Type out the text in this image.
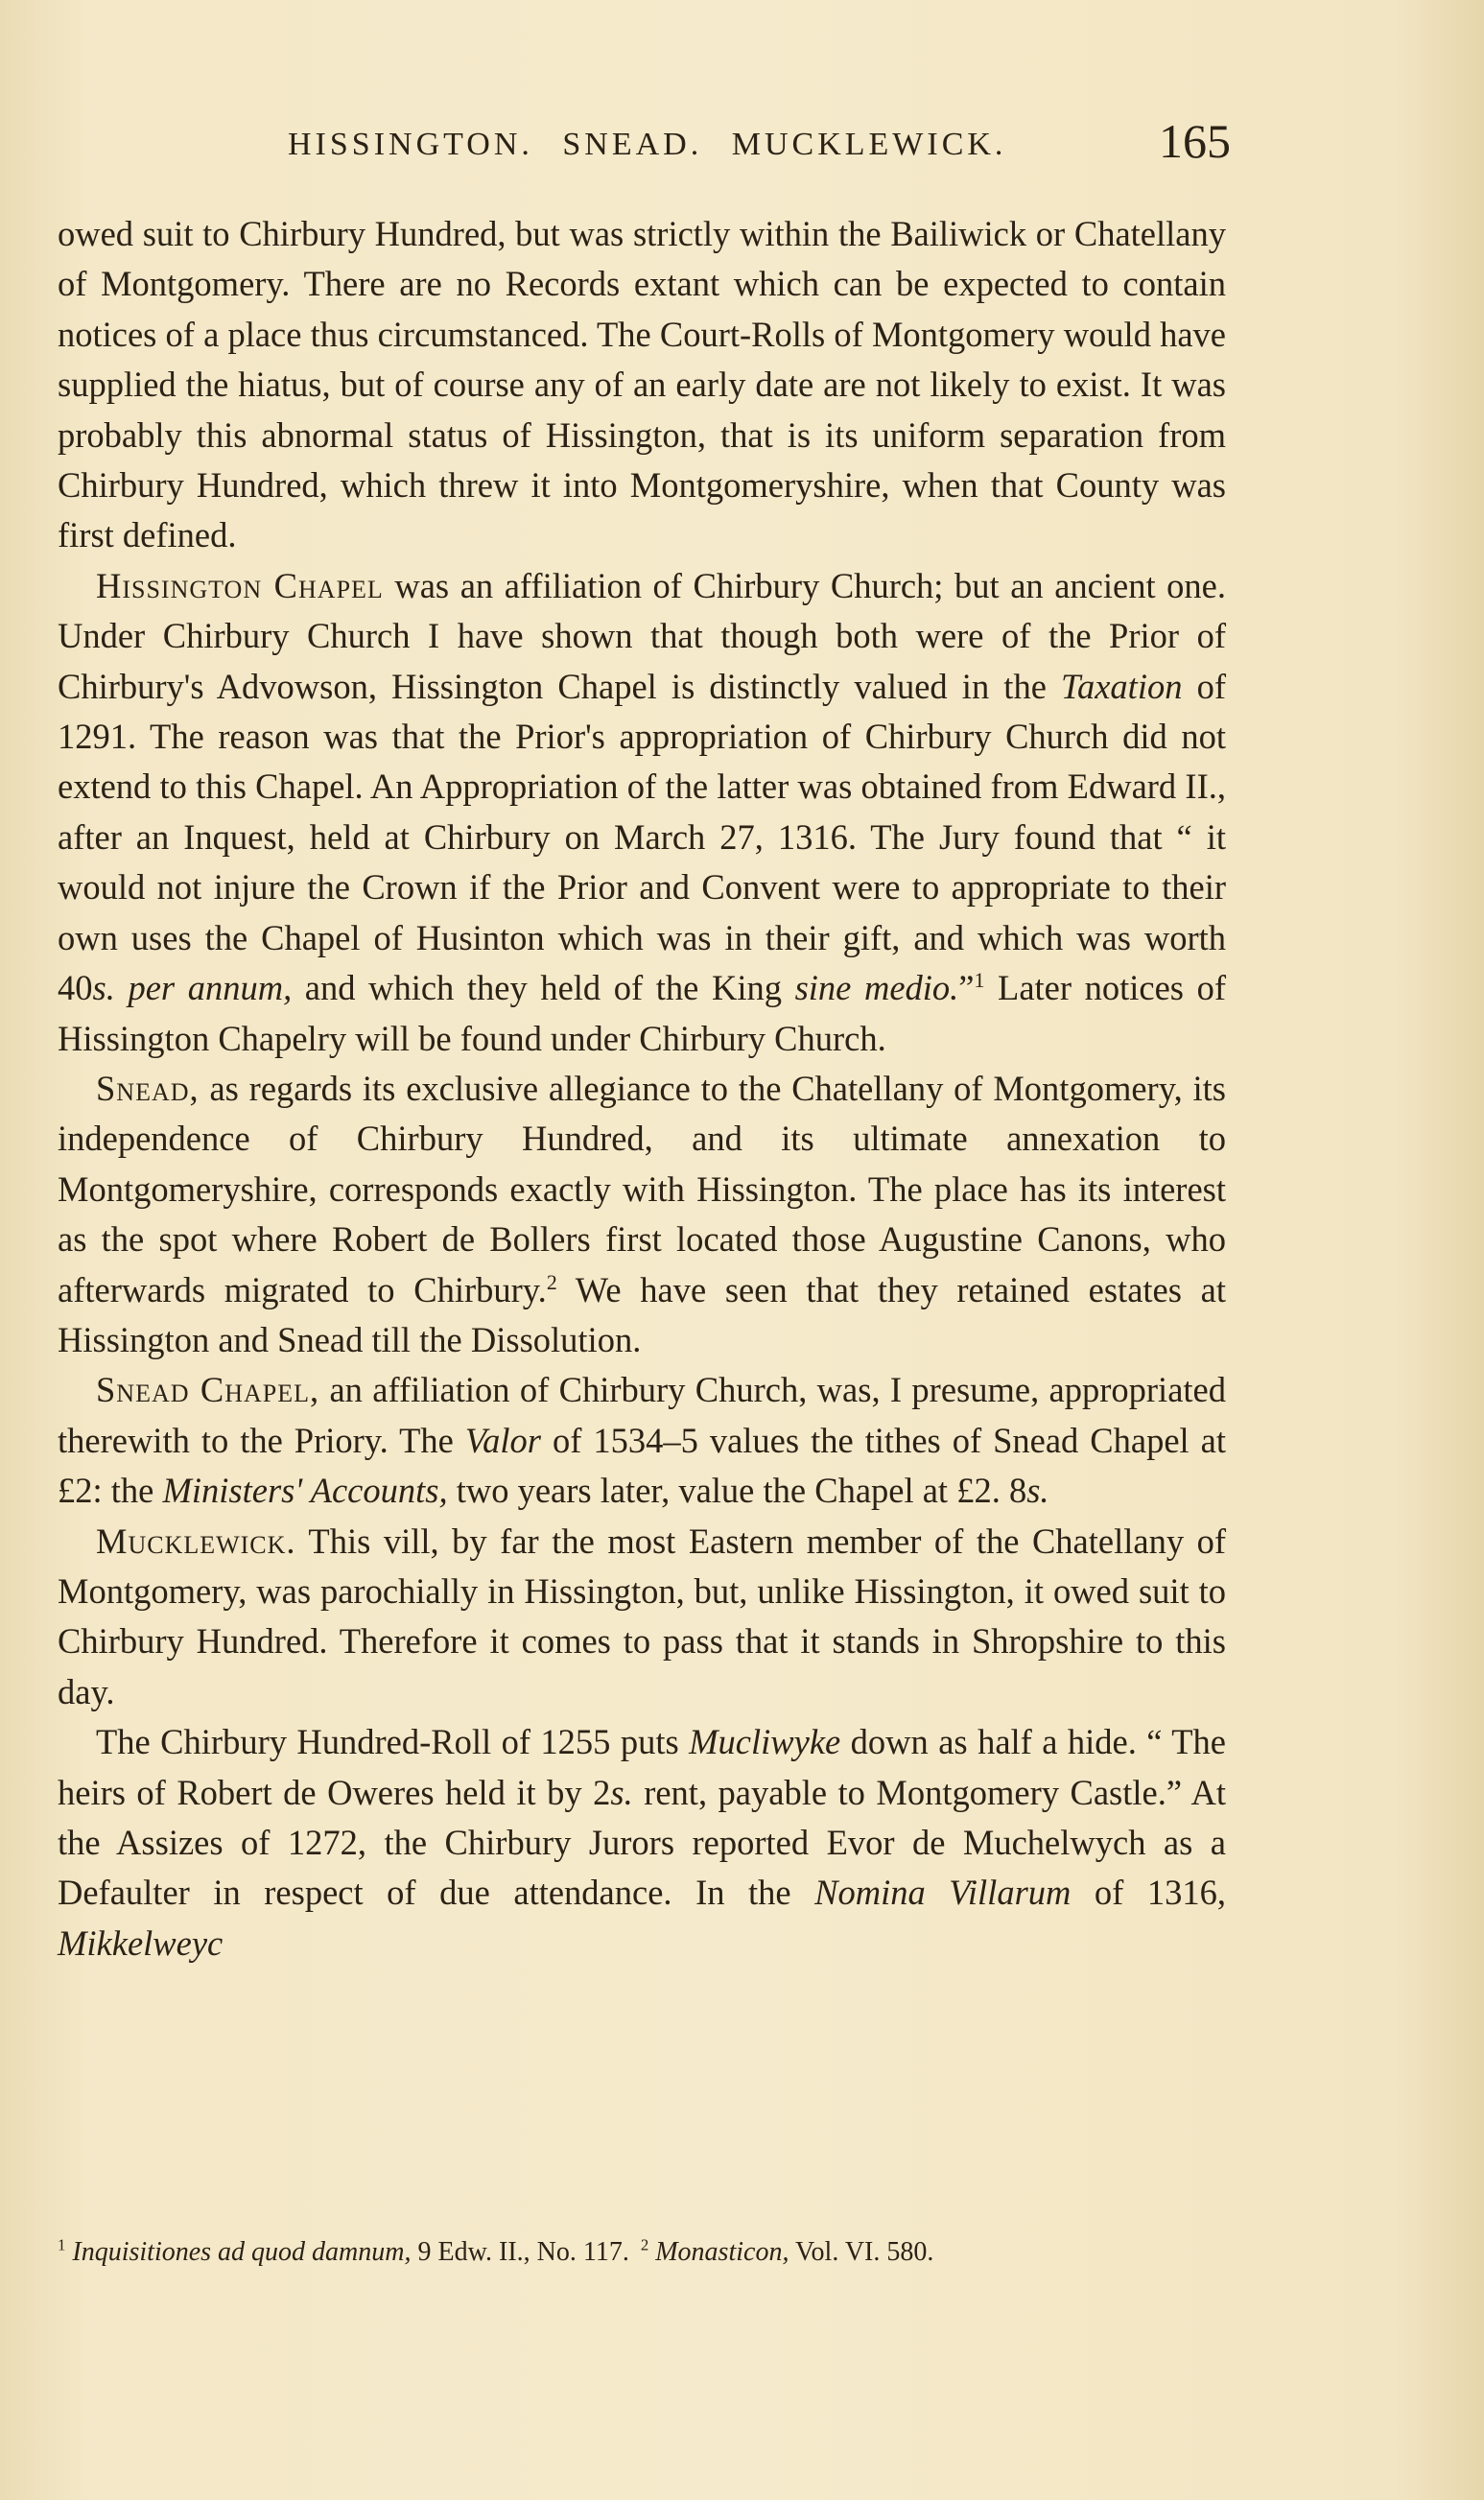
HISSINGTON. SNEAD. MUCKLEWICK.	165

owed suit to Chirbury Hundred, but was strictly within the Bailiwick or Chatellany of Montgomery. There are no Records extant which can be expected to contain notices of a place thus circumstanced. The Court-Rolls of Montgomery would have supplied the hiatus, but of course any of an early date are not likely to exist. It was probably this abnormal status of Hissington, that is its uniform separation from Chirbury Hundred, which threw it into Montgomeryshire, when that County was first defined.

Hissington Chapel was an affiliation of Chirbury Church; but an ancient one. Under Chirbury Church I have shown that though both were of the Prior of Chirbury's Advowson, Hissington Chapel is distinctly valued in the Taxation of 1291. The reason was that the Prior's appropriation of Chirbury Church did not extend to this Chapel. An Appropriation of the latter was obtained from Edward II., after an Inquest, held at Chirbury on March 27, 1316. The Jury found that “ it would not injure the Crown if the Prior and Convent were to appropriate to their own uses the Chapel of Husinton which was in their gift, and which was worth 40s. per annum, and which they held of the King sine medio.”$^1$ Later notices of Hissington Chapelry will be found under Chirbury Church.

Snead, as regards its exclusive allegiance to the Chatellany of Montgomery, its independence of Chirbury Hundred, and its ultimate annexation to Montgomeryshire, corresponds exactly with Hissington. The place has its interest as the spot where Robert de Bollers first located those Augustine Canons, who afterwards migrated to Chirbury.$^2$ We have seen that they retained estates at Hissington and Snead till the Dissolution.

Snead Chapel, an affiliation of Chirbury Church, was, I presume, appropriated therewith to the Priory. The Valor of 1534–5 values the tithes of Snead Chapel at £2: the Ministers' Accounts, two years later, value the Chapel at £2. 8s.

Mucklewick. This vill, by far the most Eastern member of the Chatellany of Montgomery, was parochially in Hissington, but, unlike Hissington, it owed suit to Chirbury Hundred. Therefore it comes to pass that it stands in Shropshire to this day.

The Chirbury Hundred-Roll of 1255 puts Mucliwyke down as half a hide. “ The heirs of Robert de Oweres held it by 2s. rent, payable to Montgomery Castle.” At the Assizes of 1272, the Chirbury Jurors reported Evor de Muchelwych as a Defaulter in respect of due attendance. In the Nomina Villarum of 1316, Mikkelweyc

$^1$ Inquisitiones ad quod damnum, 9 Edw. II., No. 117. $^2$ Monasticon, Vol. VI. 580.
